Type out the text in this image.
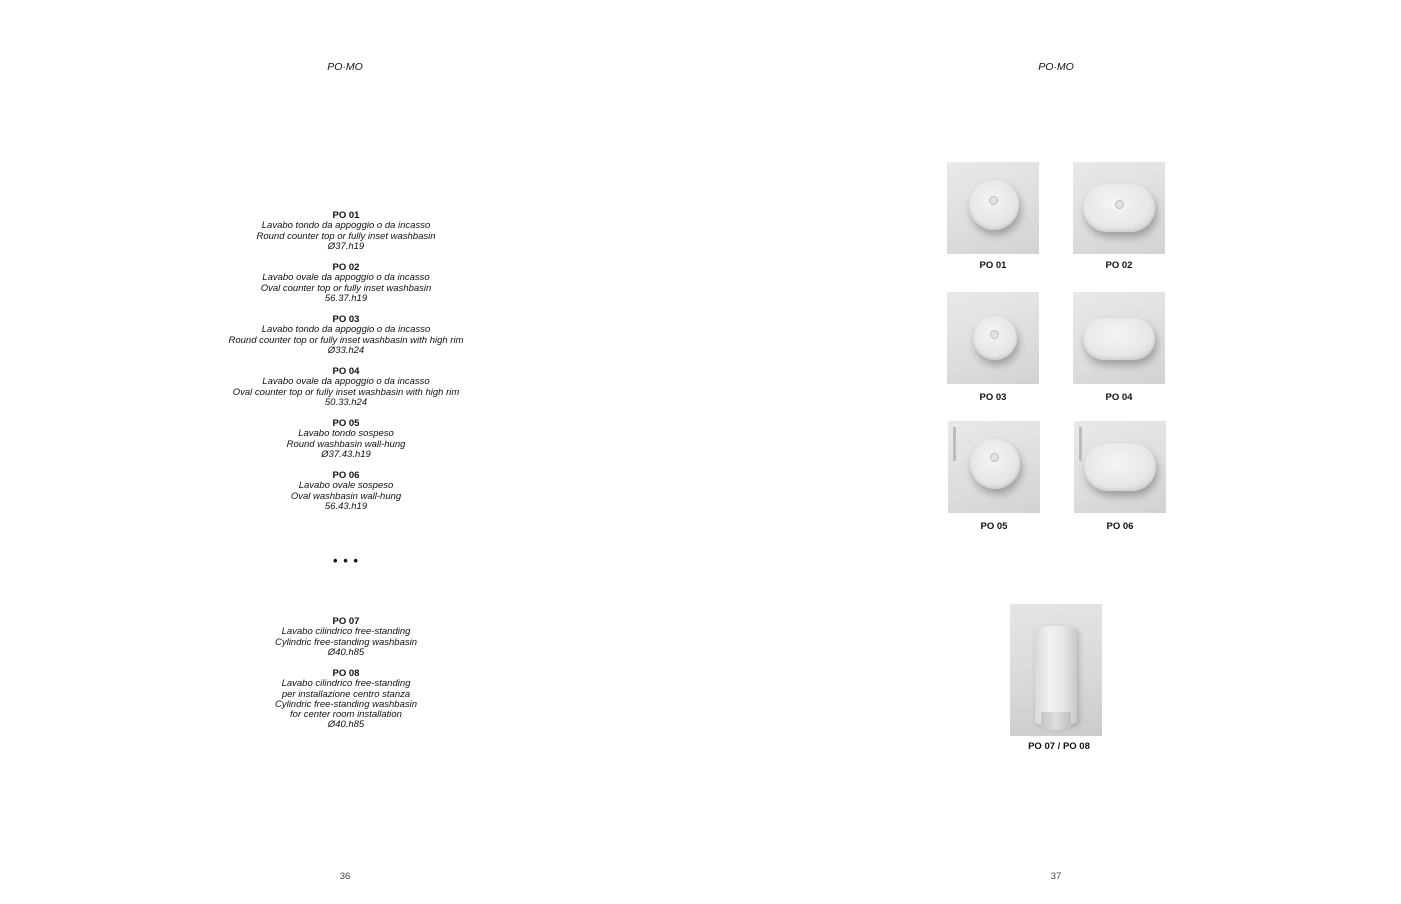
PO·MO
PO 01
Lavabo tondo da appoggio o da incasso
Round counter top or fully inset washbasin
Ø37.h19
PO 02
Lavabo ovale da appoggio o da incasso
Oval counter top or fully inset washbasin
56.37.h19
PO 03
Lavabo tondo da appoggio o da incasso
Round counter top or fully inset washbasin with high rim
Ø33.h24
PO 04
Lavabo ovale da appoggio o da incasso
Oval counter top or fully inset washbasin with high rim
50.33.h24
PO 05
Lavabo tondo sospeso
Round washbasin wall-hung
Ø37.43.h19
PO 06
Lavabo ovale sospeso
Oval washbasin wall-hung
56.43.h19
• • •
PO 07
Lavabo cilindrico free-standing
Cylindric free-standing washbasin
Ø40.h85
PO 08
Lavabo cilindrico free-standing
per installazione centro stanza
Cylindric free-standing washbasin
for center room installation
Ø40.h85
36
PO·MO
PO 01	PO 02
PO 03	PO 04
PO 05	PO 06
PO 07 / PO 08
37
